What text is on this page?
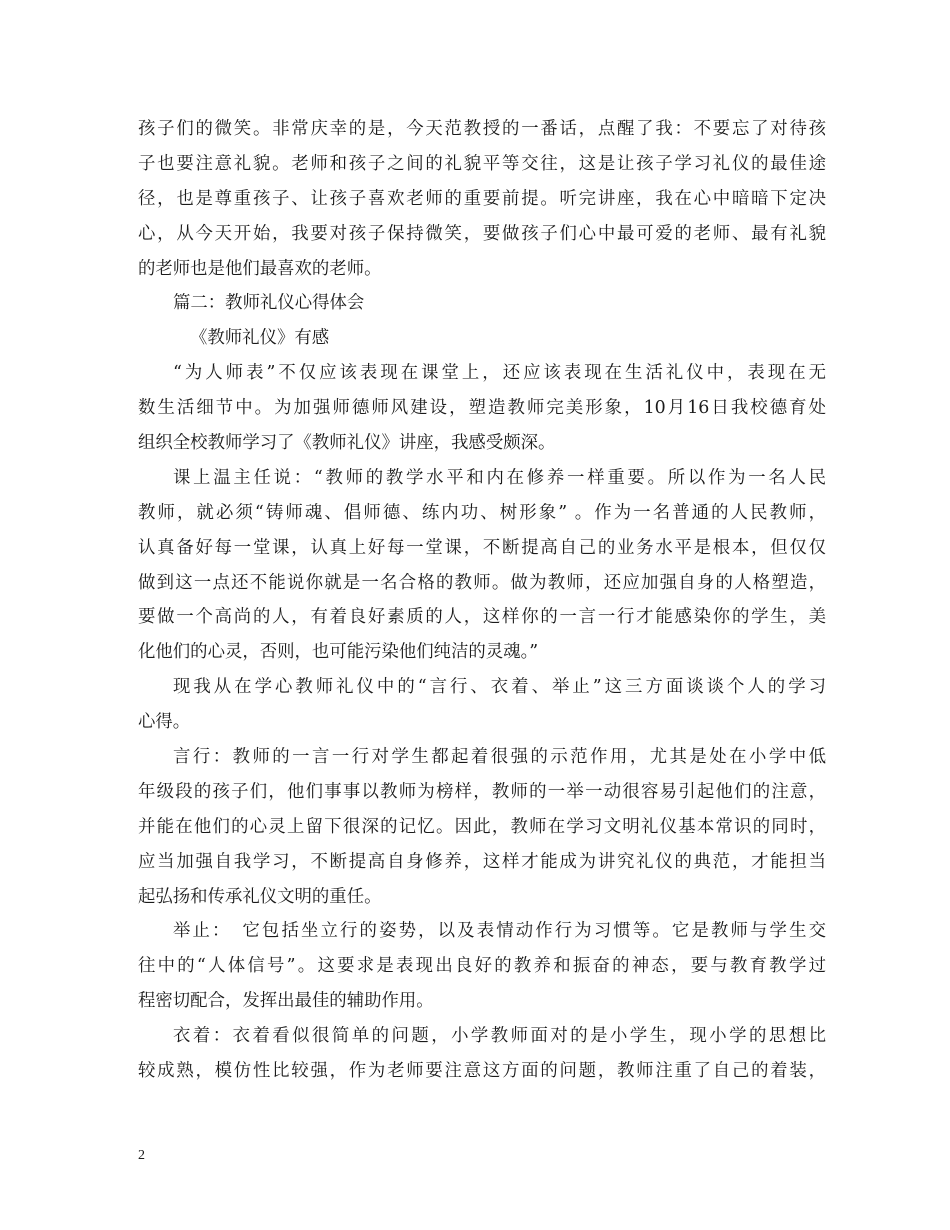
孩子们的微笑。非常庆幸的是，今天范教授的一番话，点醒了我：不要忘了对待孩
子也要注意礼貌。老师和孩子之间的礼貌平等交往，这是让孩子学习礼仪的最佳途
径，也是尊重孩子、让孩子喜欢老师的重要前提。听完讲座，我在心中暗暗下定决
心，从今天开始，我要对孩子保持微笑，要做孩子们心中最可爱的老师、最有礼貌
的老师也是他们最喜欢的老师。
篇二：教师礼仪心得体会
《教师礼仪》有感
“为人师表”不仅应该表现在课堂上，还应该表现在生活礼仪中，表现在无
数生活细节中。为加强师德师风建设，塑造教师完美形象，10月16日我校德育处
组织全校教师学习了《教师礼仪》讲座，我感受颇深。
课上温主任说：“教师的教学水平和内在修养一样重要。所以作为一名人民
教师，就必须“铸师魂、倡师德、练内功、树形象” 。作为一名普通的人民教师，
认真备好每一堂课，认真上好每一堂课，不断提高自己的业务水平是根本，但仅仅
做到这一点还不能说你就是一名合格的教师。做为教师，还应加强自身的人格塑造，
要做一个高尚的人，有着良好素质的人，这样你的一言一行才能感染你的学生，美
化他们的心灵，否则，也可能污染他们纯洁的灵魂。”
现我从在学心教师礼仪中的“言行、衣着、举止”这三方面谈谈个人的学习
心得。
言行：教师的一言一行对学生都起着很强的示范作用，尤其是处在小学中低
年级段的孩子们，他们事事以教师为榜样，教师的一举一动很容易引起他们的注意，
并能在他们的心灵上留下很深的记忆。因此，教师在学习文明礼仪基本常识的同时，
应当加强自我学习，不断提高自身修养，这样才能成为讲究礼仪的典范，才能担当
起弘扬和传承礼仪文明的重任。
举止：　它包括坐立行的姿势，以及表情动作行为习惯等。它是教师与学生交
往中的“人体信号”。这要求是表现出良好的教养和振奋的神态，要与教育教学过
程密切配合，发挥出最佳的辅助作用。
衣着：衣着看似很简单的问题，小学教师面对的是小学生，现小学的思想比
较成熟，模仿性比较强，作为老师要注意这方面的问题，教师注重了自己的着装，
2
